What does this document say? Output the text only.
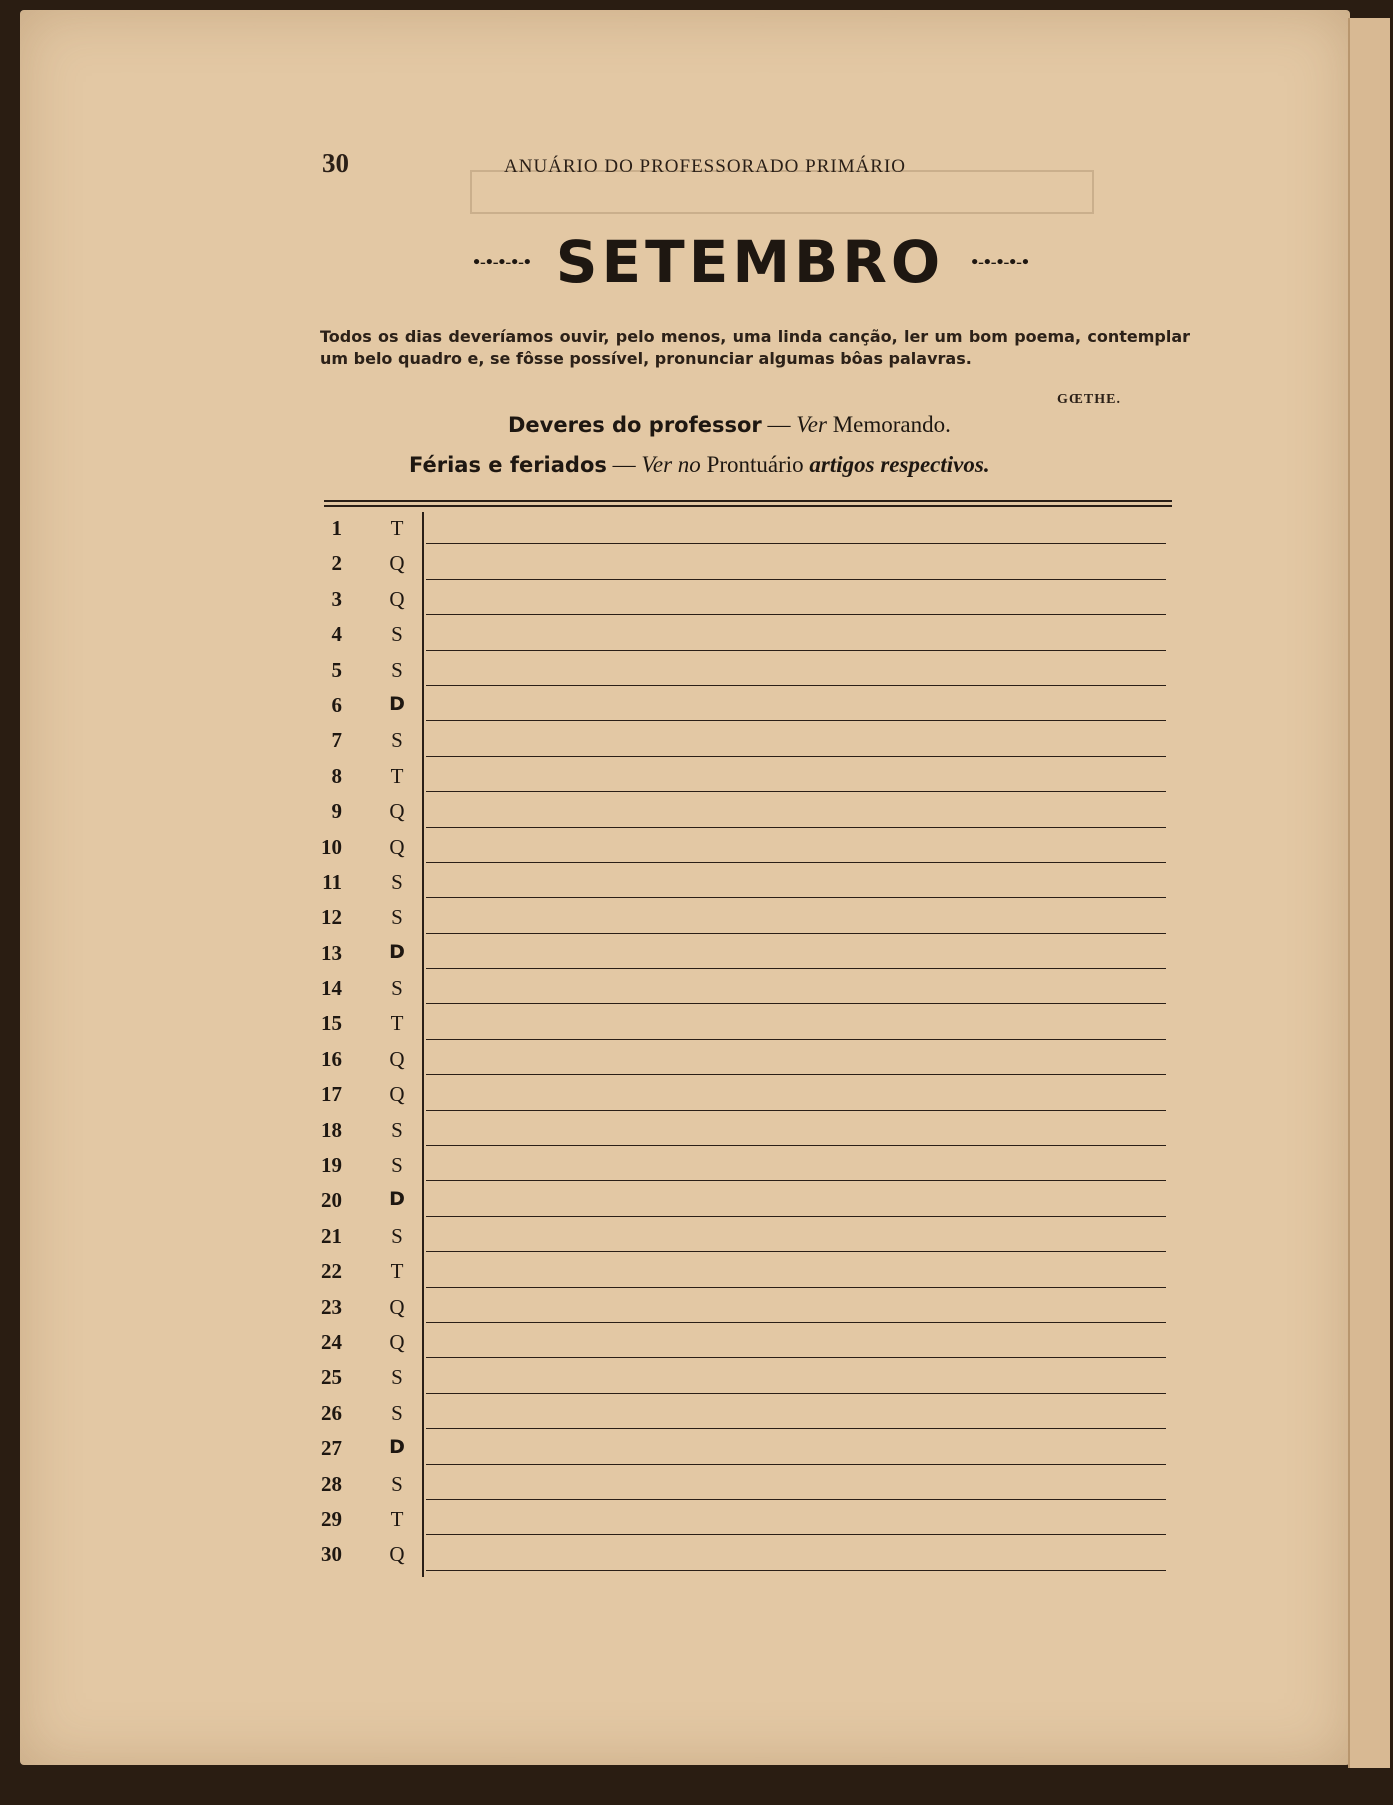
30	ANUÁRIO DO PROFESSORADO PRIMÁRIO
•-•-•-•-• SETEMBRO •-•-•-•-•
Todos os dias deveríamos ouvir, pelo menos, uma linda canção, ler um bom poema, contemplar um belo quadro e, se fôsse possível, pronunciar algumas bôas palavras.
GŒTHE.
Deveres do professor — Ver Memorando.
Férias e feriados — Ver no Prontuário artigos respectivos.
1	T
2	Q
3	Q
4	S
5	S
6	D
7	S
8	T
9	Q
10	Q
11	S
12	S
13	D
14	S
15	T
16	Q
17	Q
18	S
19	S
20	D
21	S
22	T
23	Q
24	Q
25	S
26	S
27	D
28	S
29	T
30	Q
